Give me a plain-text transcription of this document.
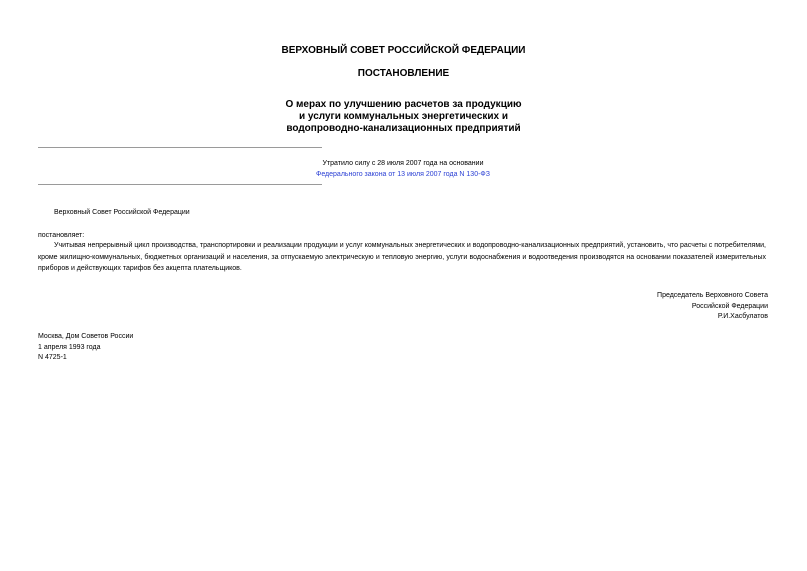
ВЕРХОВНЫЙ СОВЕТ РОССИЙСКОЙ ФЕДЕРАЦИИ
ПОСТАНОВЛЕНИЕ
О мерах по улучшению расчетов за продукцию
и услуги коммунальных энергетических и
водопроводно-канализационных предприятий
Утратило силу с 28 июля 2007 года на основании
Федерального закона от 13 июля 2007 года N 130-ФЗ
Верховный Совет Российской Федерации
постановляет:
Учитывая непрерывный цикл производства, транспортировки и реализации продукции и услуг коммунальных энергетических и водопроводно-канализационных предприятий, установить, что расчеты с потребителями, кроме жилищно-коммунальных, бюджетных организаций и населения, за отпускаемую электрическую и тепловую энергию, услуги водоснабжения и водоотведения производятся на основании показателей измерительных приборов и действующих тарифов без акцепта плательщиков.
Председатель Верховного Совета
Российской Федерации
Р.И.Хасбулатов
Москва, Дом Советов России
1 апреля 1993 года
N 4725-1
